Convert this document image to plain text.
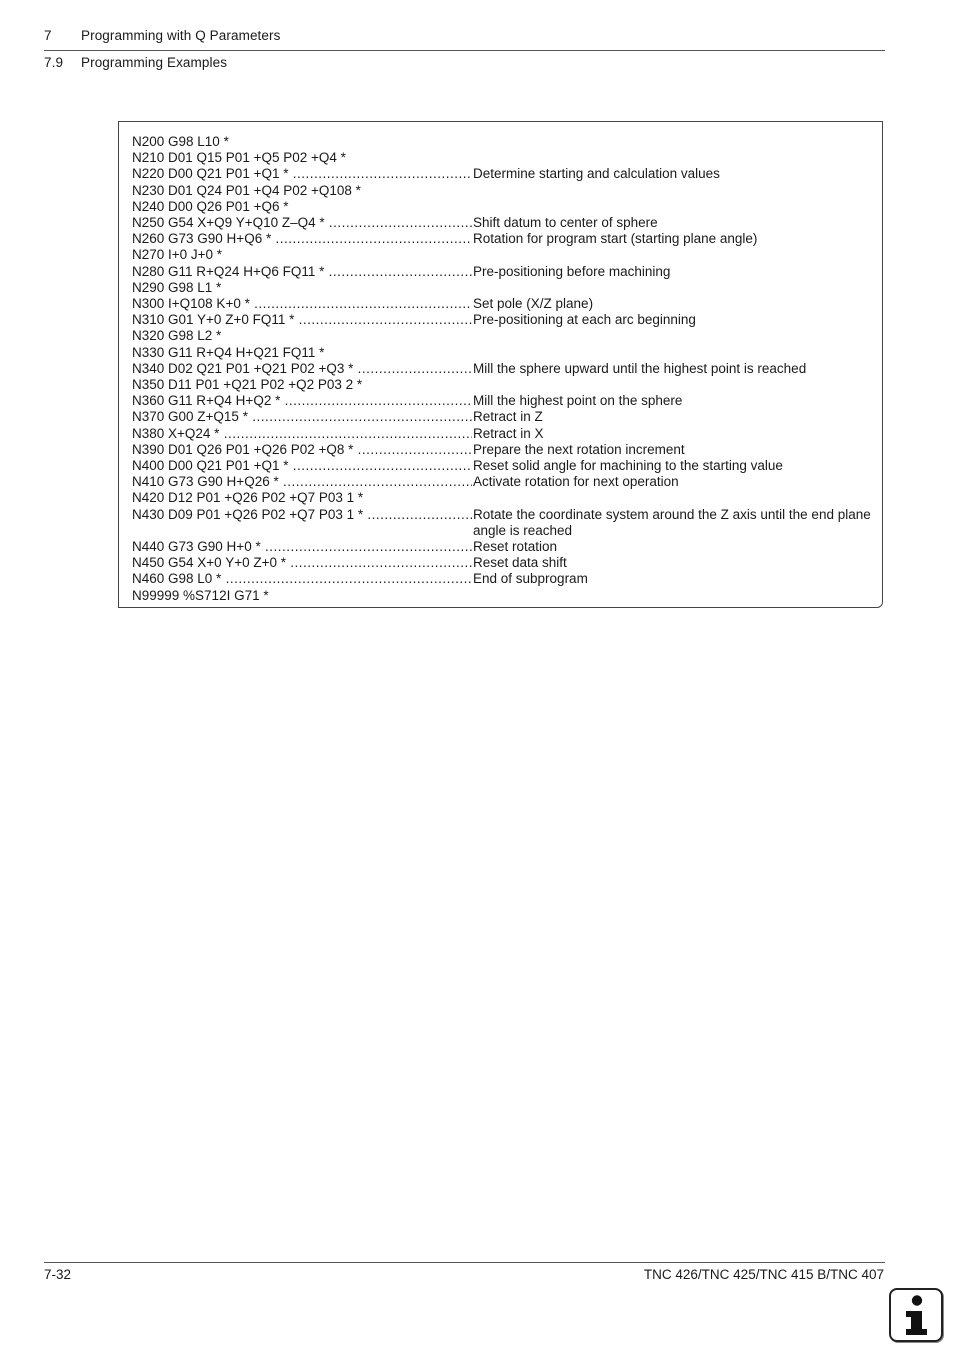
7 Programming with Q Parameters
7.9 Programming Examples
N200 G98 L10 *
N210 D01 Q15 P01 +Q5 P02 +Q4 *
N220 D00 Q21 P01 +Q1 * .....	Determine starting and calculation values
N230 D01 Q24 P01 +Q4 P02 +Q108 *
N240 D00 Q26 P01 +Q6 *
N250 G54 X+Q9 Y+Q10 Z–Q4 * .....	Shift datum to center of sphere
N260 G73 G90 H+Q6 * .....	Rotation for program start (starting plane angle)
N270 I+0 J+0 *
N280 G11 R+Q24 H+Q6 FQ11 * .....	Pre-positioning before machining
N290 G98 L1 *
N300 I+Q108 K+0 * .....	Set pole (X/Z plane)
N310 G01 Y+0 Z+0 FQ11 * .....	Pre-positioning at each arc beginning
N320 G98 L2 *
N330 G11 R+Q4 H+Q21 FQ11 *
N340 D02 Q21 P01 +Q21 P02 +Q3 * .....	Mill the sphere upward until the highest point is reached
N350 D11 P01 +Q21 P02 +Q2 P03 2 *
N360 G11 R+Q4 H+Q2 * .....	Mill the highest point on the sphere
N370 G00 Z+Q15 * .....	Retract in Z
N380 X+Q24 * .....	Retract in X
N390 D01 Q26 P01 +Q26 P02 +Q8 * .....	Prepare the next rotation increment
N400 D00 Q21 P01 +Q1 * .....	Reset solid angle for machining to the starting value
N410 G73 G90 H+Q26 * .....	Activate rotation for next operation
N420 D12 P01 +Q26 P02 +Q7 P03 1 *
N430 D09 P01 +Q26 P02 +Q7 P03 1 * .....	Rotate the coordinate system around the Z axis until the end plane angle is reached
N440 G73 G90 H+0 * .....	Reset rotation
N450 G54 X+0 Y+0 Z+0 * .....	Reset data shift
N460 G98 L0 * .....	End of subprogram
N99999 %S712I G71 *
7-32	TNC 426/TNC 425/TNC 415 B/TNC 407
